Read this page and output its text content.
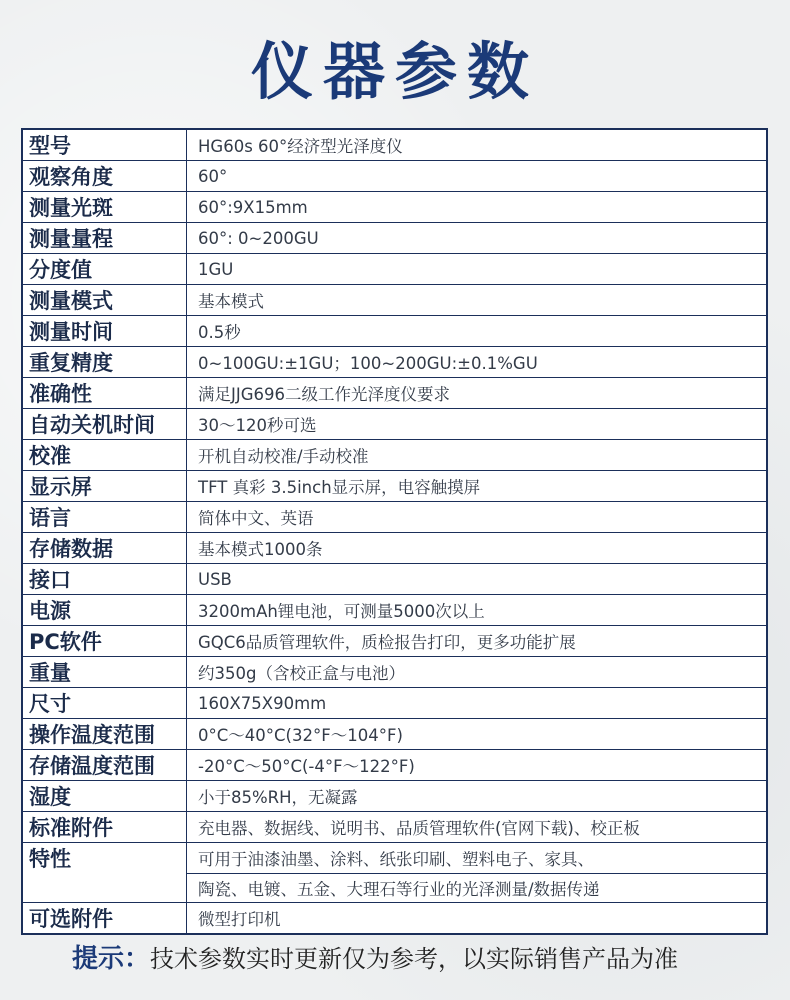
仪器参数
型号	HG60s 60°经济型光泽度仪
观察角度	60°
测量光斑	60°:9X15mm
测量量程	60°: 0~200GU
分度值	1GU
测量模式	基本模式
测量时间	0.5秒
重复精度	0~100GU:±1GU；100~200GU:±0.1%GU
准确性	满足JJG696二级工作光泽度仪要求
自动关机时间	30～120秒可选
校准	开机自动校准/手动校准
显示屏	TFT 真彩 3.5inch显示屏，电容触摸屏
语言	简体中文、英语
存储数据	基本模式1000条
接口	USB
电源	3200mAh锂电池，可测量5000次以上
PC软件	GQC6品质管理软件，质检报告打印，更多功能扩展
重量	约350g（含校正盒与电池）
尺寸	160X75X90mm
操作温度范围	0°C～40°C(32°F～104°F)
存储温度范围	-20°C～50°C(-4°F～122°F)
湿度	小于85%RH，无凝露
标准附件	充电器、数据线、说明书、品质管理软件(官网下载)、校正板
特性	可用于油漆油墨、涂料、纸张印刷、塑料电子、家具、
	陶瓷、电镀、五金、大理石等行业的光泽测量/数据传递
可选附件	微型打印机
提示：技术参数实时更新仅为参考，以实际销售产品为准
